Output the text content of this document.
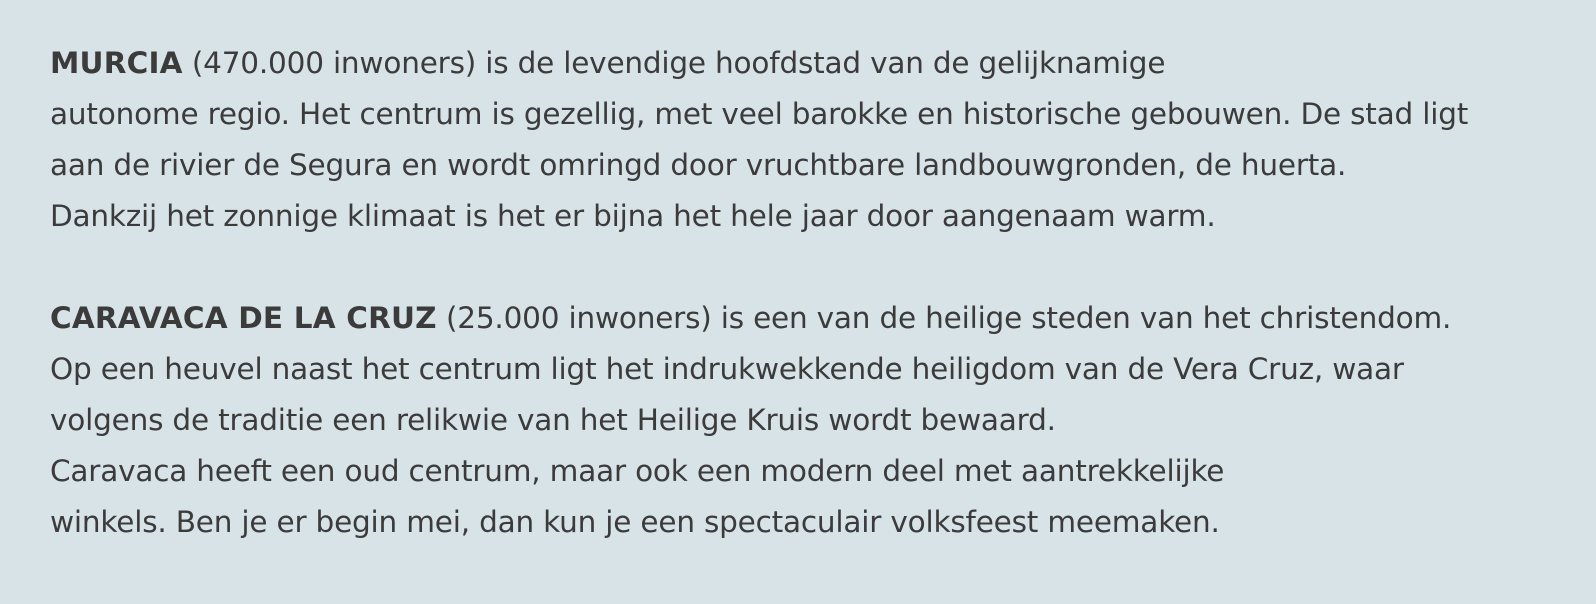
MURCIA (470.000 inwoners) is de levendige hoofdstad van de gelijknamige
autonome regio. Het centrum is gezellig, met veel barokke en historische gebouwen. De stad ligt
aan de rivier de Segura en wordt omringd door vruchtbare landbouwgronden, de huerta.
Dankzij het zonnige klimaat is het er bijna het hele jaar door aangenaam warm.
CARAVACA DE LA CRUZ (25.000 inwoners) is een van de heilige steden van het christendom.
Op een heuvel naast het centrum ligt het indrukwekkende heiligdom van de Vera Cruz, waar
volgens de traditie een relikwie van het Heilige Kruis wordt bewaard.
Caravaca heeft een oud centrum, maar ook een modern deel met aantrekkelijke
winkels. Ben je er begin mei, dan kun je een spectaculair volksfeest meemaken.
